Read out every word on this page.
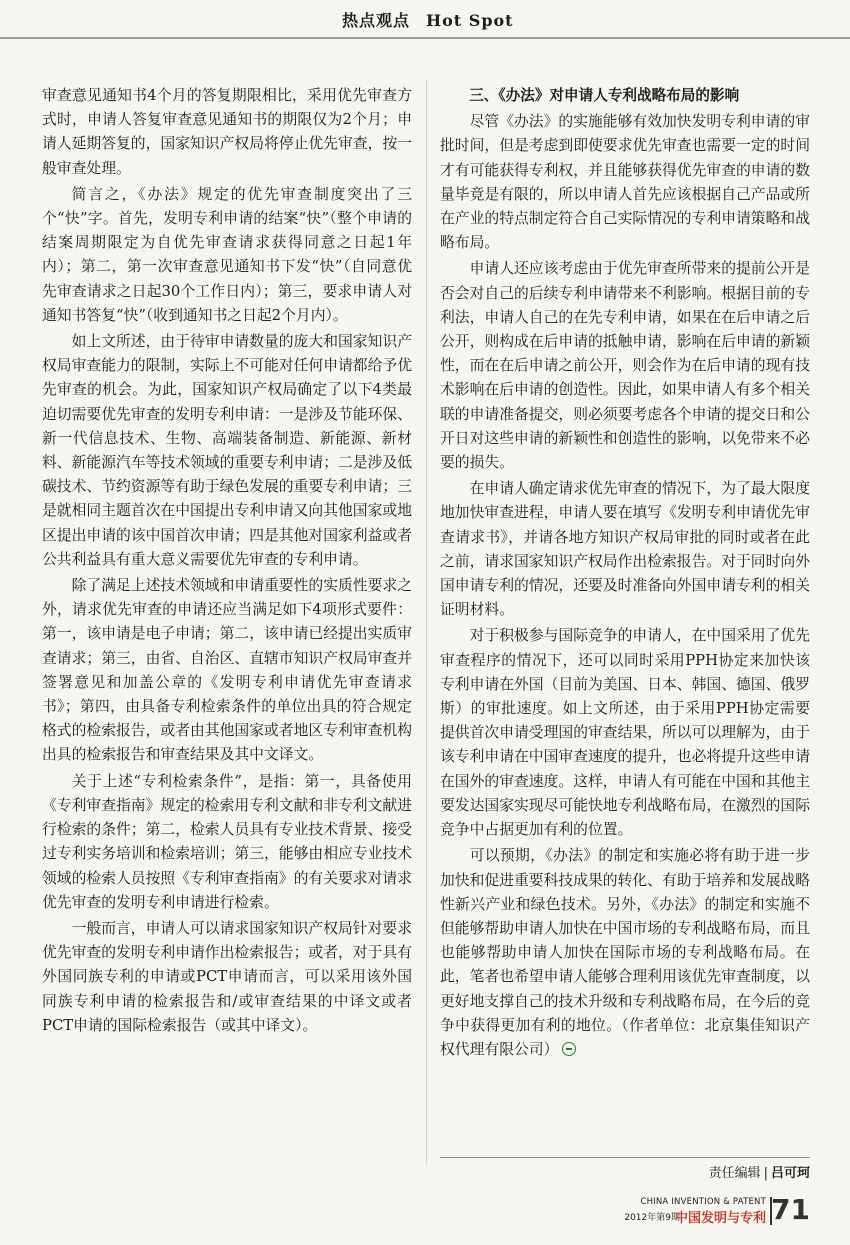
热点观点 Hot Spot

审查意见通知书4个月的答复期限相比，采用优先审查方式时，申请人答复审查意见通知书的期限仅为2个月；申请人延期答复的，国家知识产权局将停止优先审查，按一般审查处理。

简言之，《办法》规定的优先审查制度突出了三个“快”字。首先，发明专利申请的结案“快”（整个申请的结案周期限定为自优先审查请求获得同意之日起1年内）；第二，第一次审查意见通知书下发“快”（自同意优先审查请求之日起30个工作日内）；第三，要求申请人对通知书答复“快”（收到通知书之日起2个月内）。

如上文所述，由于待审申请数量的庞大和国家知识产权局审查能力的限制，实际上不可能对任何申请都给予优先审查的机会。为此，国家知识产权局确定了以下4类最迫切需要优先审查的发明专利申请：一是涉及节能环保、新一代信息技术、生物、高端装备制造、新能源、新材料、新能源汽车等技术领域的重要专利申请；二是涉及低碳技术、节约资源等有助于绿色发展的重要专利申请；三是就相同主题首次在中国提出专利申请又向其他国家或地区提出申请的该中国首次申请；四是其他对国家利益或者公共利益具有重大意义需要优先审查的专利申请。

除了满足上述技术领域和申请重要性的实质性要求之外，请求优先审查的申请还应当满足如下4项形式要件：第一，该申请是电子申请；第二，该申请已经提出实质审查请求；第三，由省、自治区、直辖市知识产权局审查并签署意见和加盖公章的《发明专利申请优先审查请求书》；第四，由具备专利检索条件的单位出具的符合规定格式的检索报告，或者由其他国家或者地区专利审查机构出具的检索报告和审查结果及其中文译文。

关于上述“专利检索条件”，是指：第一，具备使用《专利审查指南》规定的检索用专利文献和非专利文献进行检索的条件；第二，检索人员具有专业技术背景、接受过专利实务培训和检索培训；第三，能够由相应专业技术领域的检索人员按照《专利审查指南》的有关要求对请求优先审查的发明专利申请进行检索。

一般而言，申请人可以请求国家知识产权局针对要求优先审查的发明专利申请作出检索报告；或者，对于具有外国同族专利的申请或PCT申请而言，可以采用该外国同族专利申请的检索报告和/或审查结果的中译文或者PCT申请的国际检索报告（或其中译文）。

三、《办法》对申请人专利战略布局的影响

尽管《办法》的实施能够有效加快发明专利申请的审批时间，但是考虑到即使要求优先审查也需要一定的时间才有可能获得专利权，并且能够获得优先审查的申请的数量毕竟是有限的，所以申请人首先应该根据自己产品或所在产业的特点制定符合自己实际情况的专利申请策略和战略布局。

申请人还应该考虑由于优先审查所带来的提前公开是否会对自己的后续专利申请带来不利影响。根据目前的专利法，申请人自己的在先专利申请，如果在在后申请之后公开，则构成在后申请的抵触申请，影响在后申请的新颖性，而在在后申请之前公开，则会作为在后申请的现有技术影响在后申请的创造性。因此，如果申请人有多个相关联的申请准备提交，则必须要考虑各个申请的提交日和公开日对这些申请的新颖性和创造性的影响，以免带来不必要的损失。

在申请人确定请求优先审查的情况下，为了最大限度地加快审查进程，申请人要在填写《发明专利申请优先审查请求书》，并请各地方知识产权局审批的同时或者在此之前，请求国家知识产权局作出检索报告。对于同时向外国申请专利的情况，还要及时准备向外国申请专利的相关证明材料。

对于积极参与国际竞争的申请人，在中国采用了优先审查程序的情况下，还可以同时采用PPH协定来加快该专利申请在外国（目前为美国、日本、韩国、德国、俄罗斯）的审批速度。如上文所述，由于采用PPH协定需要提供首次申请受理国的审查结果，所以可以理解为，由于该专利申请在中国审查速度的提升，也必将提升这些申请在国外的审查速度。这样，申请人有可能在中国和其他主要发达国家实现尽可能快地专利战略布局，在激烈的国际竞争中占据更加有利的位置。

可以预期，《办法》的制定和实施必将有助于进一步加快和促进重要科技成果的转化、有助于培养和发展战略性新兴产业和绿色技术。另外，《办法》的制定和实施不但能够帮助申请人加快在中国市场的专利战略布局，而且也能够帮助申请人加快在国际市场的专利战略布局。在此，笔者也希望申请人能够合理利用该优先审查制度，以更好地支撑自己的技术升级和专利战略布局，在今后的竞争中获得更加有利的地位。（作者单位：北京集佳知识产权代理有限公司）

责任编辑 | 吕可珂
CHINA INVENTION & PATENT
2012年第9期
中国发明与专利 71
